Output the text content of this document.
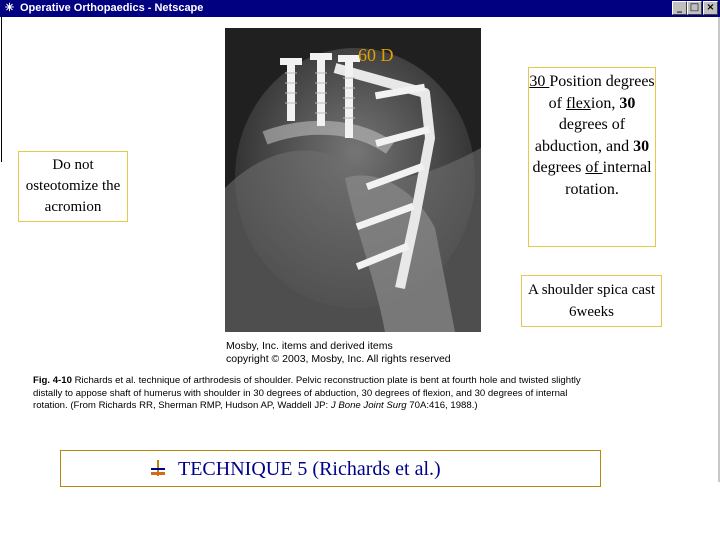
✳ Operative Orthopaedics - Netscape	_ □ ×
60 D
Do not osteotomize the acromion
30 Position degrees of flexion, 30 degrees of abduction, and 30 degrees of internal rotation.
A shoulder spica cast 6weeks
Mosby, Inc. items and derived items
copyright © 2003, Mosby, Inc. All rights reserved
Fig. 4-10 Richards et al. technique of arthrodesis of shoulder. Pelvic reconstruction plate is bent at fourth hole and twisted slightly
distally to appose shaft of humerus with shoulder in 30 degrees of abduction, 30 degrees of flexion, and 30 degrees of internal
rotation. (From Richards RR, Sherman RMP, Hudson AP, Waddell JP: J Bone Joint Surg 70A:416, 1988.)
TECHNIQUE 5 (Richards et al.)
